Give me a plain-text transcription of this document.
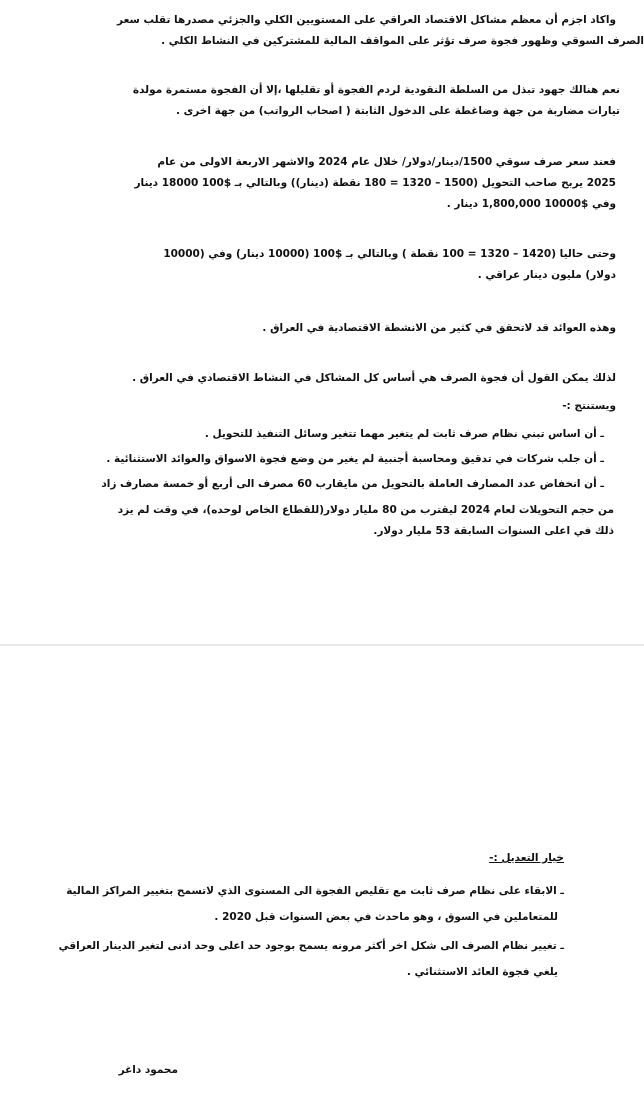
واكاد اجزم أن معظم مشاكل الاقتصاد العراقي على المستويين الكلي والجزئي مصدرها تقلب سعر
الصرف السوقي وظهور فجوة صرف تؤثر على المواقف المالية للمشتركين في النشاط الكلي .
نعم هنالك جهود تبذل من السلطة النقودية لردم الفجوة أو تقليلها ،إلا أن الفجوة مستمرة مولدة
تيارات مضاربة من جهة وضاغطة على الدخول الثابتة ( اصحاب الرواتب) من جهة اخرى .
فعند سعر صرف سوقي 1500/دينار/دولار/ خلال عام 2024 والاشهر الاربعة الاولى من عام
2025 يربح صاحب التحويل (1500 – 1320 = 180 نقطة (دينار)) وبالتالي بـ $100 18000 دينار
وفي $10000 1,800,000 دينار .
وحتى حاليا (1420 – 1320 = 100 نقطة ) وبالتالي بـ $100 (10000 دينار) وفي (10000
دولار) مليون دينار عراقي .
وهذه العوائد قد لاتحقق في كثير من الانشطة الاقتصادية في العراق .
لذلك يمكن القول أن فجوة الصرف هي أساس كل المشاكل في النشاط الاقتصادي في العراق .
ويستنتج :-
ـ أن اساس تبني نظام صرف ثابت لم يتغير مهما تتغير وسائل التنفيذ للتحويل .
ـ أن جلب شركات في تدقيق ومحاسبة أجنبية لم يغير من وضع فجوة الاسواق والعوائد الاستثنائية .
ـ أن انخفاض عدد المصارف العاملة بالتحويل من مايقارب 60 مصرف الى أربع أو خمسة مصارف زاد
من حجم التحويلات لعام 2024 ليقترب من 80 مليار دولار(للقطاع الخاص لوحده)، في وقت لم يزد
ذلك في اعلى السنوات السابقة 53 مليار دولار.
خيار التعديل :-
ـ الابقاء على نظام صرف ثابت مع تقليص الفجوة الى المستوى الذي لاتسمح بتغيير المراكز المالية
للمتعاملين في السوق ، وهو ماحدث في بعض السنوات قبل 2020 .
ـ تغيير نظام الصرف الى شكل اخر أكثر مرونه يسمح بوجود حد اعلى وحد ادنى لتغير الدينار العراقي
يلغي فجوة العائد الاستثنائي .
محمود داغر
